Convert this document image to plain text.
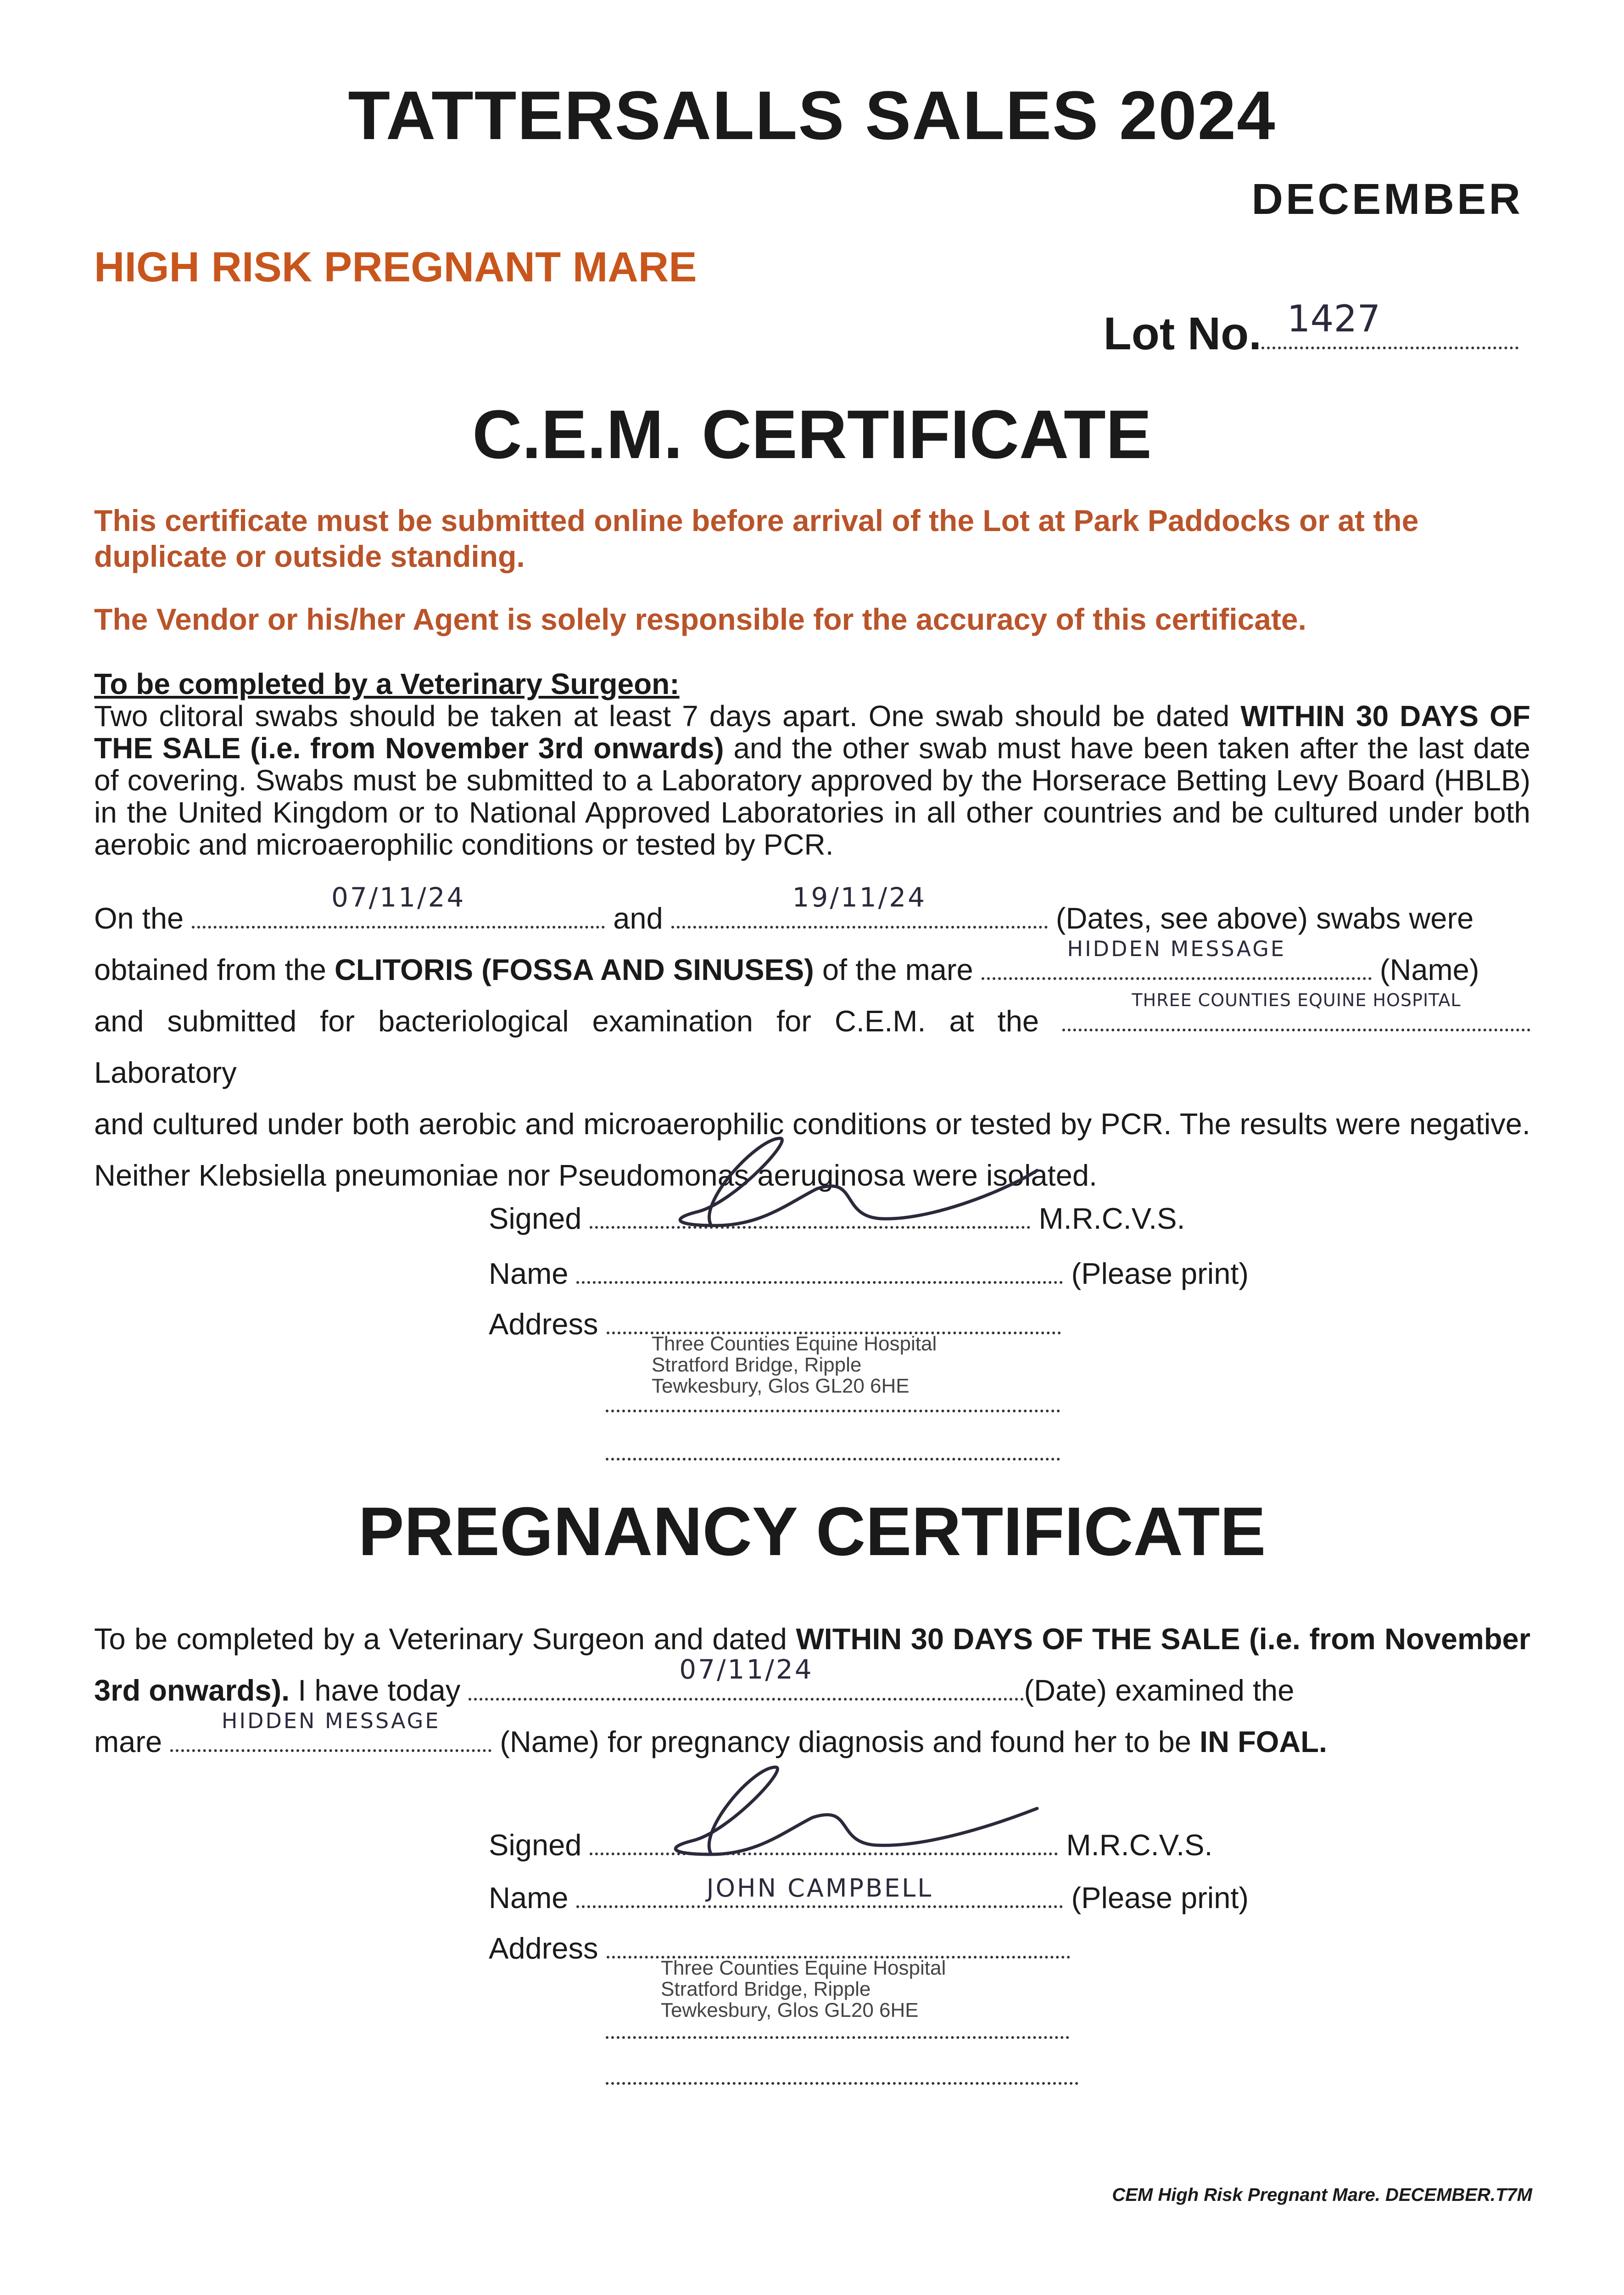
TATTERSALLS SALES 2024
DECEMBER
HIGH RISK PREGNANT MARE
Lot No. 1427
C.E.M. CERTIFICATE
This certificate must be submitted online before arrival of the Lot at Park Paddocks or at the duplicate or outside standing.
The Vendor or his/her Agent is solely responsible for the accuracy of this certificate.
To be completed by a Veterinary Surgeon:
Two clitoral swabs should be taken at least 7 days apart. One swab should be dated WITHIN 30 DAYS OF THE SALE (i.e. from November 3rd onwards) and the other swab must have been taken after the last date of covering. Swabs must be submitted to a Laboratory approved by the Horserace Betting Levy Board (HBLB) in the United Kingdom or to National Approved Laboratories in all other countries and be cultured under both aerobic and microaerophilic conditions or tested by PCR.
On the
07/11/24
and
19/11/24
(Dates, see above) swabs were
obtained from the CLITORIS (FOSSA AND SINUSES) of the mare
HIDDEN MESSAGE
(Name)
and submitted for bacteriological examination for C.E.M. at the
THREE COUNTIES EQUINE HOSPITAL
Laboratory
and cultured under both aerobic and microaerophilic conditions or tested by PCR. The results were negative. Neither Klebsiella pneumoniae nor Pseudomonas aeruginosa were isolated.
Signed	M.R.C.V.S.
Name	(Please print)
Address
Three Counties Equine Hospital
Stratford Bridge, Ripple
Tewkesbury, Glos GL20 6HE
PREGNANCY CERTIFICATE
To be completed by a Veterinary Surgeon and dated WITHIN 30 DAYS OF THE SALE (i.e. from November 3rd onwards). I have today
07/11/24
(Date) examined the
mare
HIDDEN MESSAGE
(Name) for pregnancy diagnosis and found her to be IN FOAL.
Signed	M.R.C.V.S.
Name	JOHN CAMPBELL	(Please print)
Address
Three Counties Equine Hospital
Stratford Bridge, Ripple
Tewkesbury, Glos GL20 6HE
CEM High Risk Pregnant Mare. DECEMBER.T7M
